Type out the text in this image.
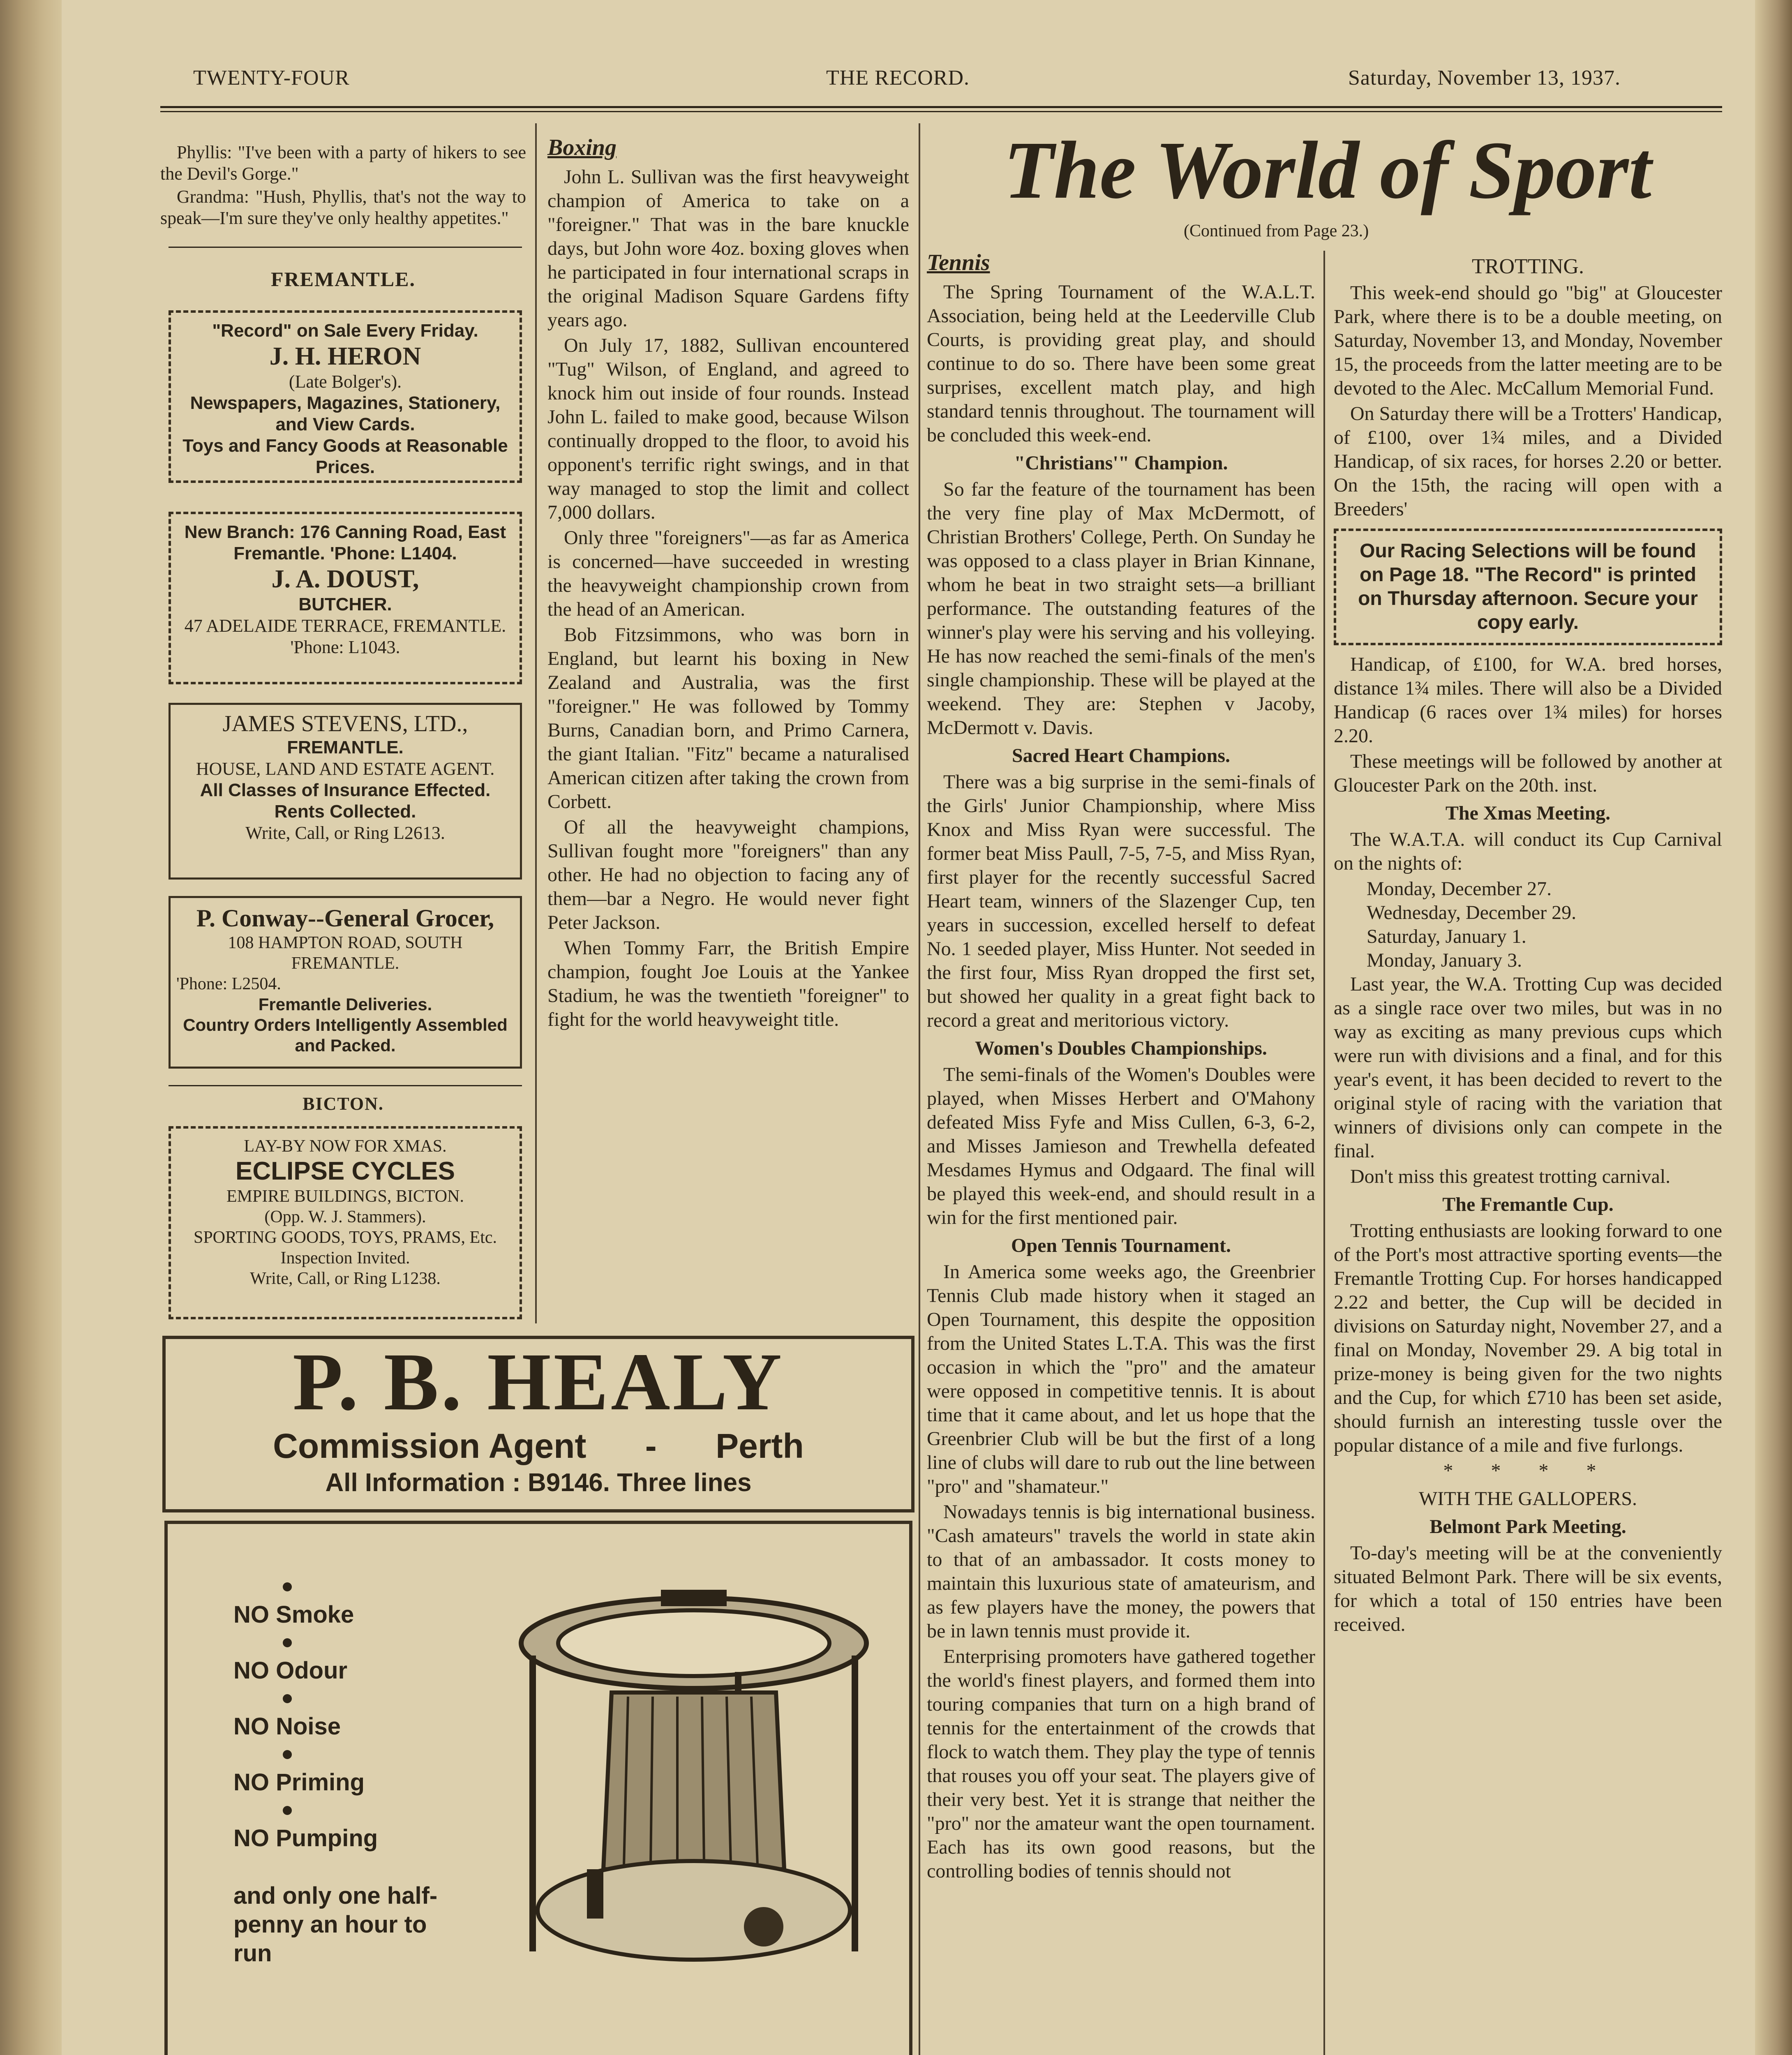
TWENTY-FOUR	THE RECORD.	Saturday, November 13, 1937.

Phyllis: "I've been with a party of hikers to see the Devil's Gorge."

Grandma: "Hush, Phyllis, that's not the way to speak—I'm sure they've only healthy appetites."

FREMANTLE.
"Record" on Sale Every Friday.
J. H. HERON
(Late Bolger's).
Newspapers, Magazines, Stationery, and View Cards.
Toys and Fancy Goods at Reasonable Prices.
New Branch: 176 Canning Road, East Fremantle. 'Phone: L1404.
J. A. DOUST,
BUTCHER.
47 ADELAIDE TERRACE, FREMANTLE. 'Phone: L1043.
JAMES STEVENS, LTD.,
FREMANTLE.
HOUSE, LAND AND ESTATE AGENT.
All Classes of Insurance Effected. Rents Collected.
Write, Call, or Ring L2613.
P. Conway--General Grocer,
108 HAMPTON ROAD, SOUTH FREMANTLE.
'Phone: L2504.
Fremantle Deliveries.
Country Orders Intelligently Assembled and Packed.
BICTON.
LAY-BY NOW FOR XMAS.
ECLIPSE CYCLES
EMPIRE BUILDINGS, BICTON.
(Opp. W. J. Stammers).
SPORTING GOODS, TOYS, PRAMS, Etc.
Inspection Invited.
Write, Call, or Ring L1238.
Boxing

John L. Sullivan was the first heavyweight champion of America to take on a "foreigner." That was in the bare knuckle days, but John wore 4oz. boxing gloves when he participated in four international scraps in the original Madison Square Gardens fifty years ago.

On July 17, 1882, Sullivan encountered "Tug" Wilson, of England, and agreed to knock him out inside of four rounds. Instead John L. failed to make good, because Wilson continually dropped to the floor, to avoid his opponent's terrific right swings, and in that way managed to stop the limit and collect 7,000 dollars.

Only three "foreigners"—as far as America is concerned—have succeeded in wresting the heavyweight championship crown from the head of an American.

Bob Fitzsimmons, who was born in England, but learnt his boxing in New Zealand and Australia, was the first "foreigner." He was followed by Tommy Burns, Canadian born, and Primo Carnera, the giant Italian. "Fitz" became a naturalised American citizen after taking the crown from Corbett.

Of all the heavyweight champions, Sullivan fought more "foreigners" than any other. He had no objection to facing any of them—bar a Negro. He would never fight Peter Jackson.

When Tommy Farr, the British Empire champion, fought Joe Louis at the Yankee Stadium, he was the twentieth "foreigner" to fight for the world heavyweight title.

P. B. HEALY
Commission Agent - Perth
All Information : B9146. Three lines
NO Smoke
NO Odour
NO Noise
NO Priming
NO Pumping
and only one half-penny an hour to run

The World of Sport
(Continued from Page 23.)
Tennis

The Spring Tournament of the W.A.L.T. Association, being held at the Leederville Club Courts, is providing great play, and should continue to do so. There have been some great surprises, excellent match play, and high standard tennis throughout. The tournament will be concluded this week-end.

"Christians'" Champion.

So far the feature of the tournament has been the very fine play of Max McDermott, of Christian Brothers' College, Perth. On Sunday he was opposed to a class player in Brian Kinnane, whom he beat in two straight sets—a brilliant performance. The outstanding features of the winner's play were his serving and his volleying. He has now reached the semi-finals of the men's single championship. These will be played at the weekend. They are: Stephen v Jacoby, McDermott v. Davis.

Sacred Heart Champions.

There was a big surprise in the semi-finals of the Girls' Junior Championship, where Miss Knox and Miss Ryan were successful. The former beat Miss Paull, 7-5, 7-5, and Miss Ryan, first player for the recently successful Sacred Heart team, winners of the Slazenger Cup, ten years in succession, excelled herself to defeat No. 1 seeded player, Miss Hunter. Not seeded in the first four, Miss Ryan dropped the first set, but showed her quality in a great fight back to record a great and meritorious victory.

Women's Doubles Championships.

The semi-finals of the Women's Doubles were played, when Misses Herbert and O'Mahony defeated Miss Fyfe and Miss Cullen, 6-3, 6-2, and Misses Jamieson and Trewhella defeated Mesdames Hymus and Odgaard. The final will be played this week-end, and should result in a win for the first mentioned pair.

Open Tennis Tournament.

In America some weeks ago, the Greenbrier Tennis Club made history when it staged an Open Tournament, this despite the opposition from the United States L.T.A. This was the first occasion in which the "pro" and the amateur were opposed in competitive tennis. It is about time that it came about, and let us hope that the Greenbrier Club will be but the first of a long line of clubs will dare to rub out the line between "pro" and "shamateur."

Nowadays tennis is big international business. "Cash amateurs" travels the world in state akin to that of an ambassador. It costs money to maintain this luxurious state of amateurism, and as few players have the money, the powers that be in lawn tennis must provide it.

Enterprising promoters have gathered together the world's finest players, and formed them into touring companies that turn on a high brand of tennis for the entertainment of the crowds that flock to watch them. They play the type of tennis that rouses you off your seat. The players give of their very best. Yet it is strange that neither the "pro" nor the amateur want the open tournament. Each has its own good reasons, but the controlling bodies of tennis should not

TROTTING.

This week-end should go "big" at Gloucester Park, where there is to be a double meeting, on Saturday, November 13, and Monday, November 15, the proceeds from the latter meeting are to be devoted to the Alec. McCallum Memorial Fund.

On Saturday there will be a Trotters' Handicap, of £100, over 1¾ miles, and a Divided Handicap, of six races, for horses 2.20 or better. On the 15th, the racing will open with a Breeders'

Our Racing Selections will be found on Page 18. "The Record" is printed on Thursday afternoon. Secure your copy early.

Handicap, of £100, for W.A. bred horses, distance 1¾ miles. There will also be a Divided Handicap (6 races over 1¾ miles) for horses 2.20.

These meetings will be followed by another at Gloucester Park on the 20th. inst.

The Xmas Meeting.

The W.A.T.A. will conduct its Cup Carnival on the nights of:

Monday, December 27.
Wednesday, December 29.
Saturday, January 1.
Monday, January 3.

Last year, the W.A. Trotting Cup was decided as a single race over two miles, but was in no way as exciting as many previous cups which were run with divisions and a final, and for this year's event, it has been decided to revert to the original style of racing with the variation that winners of divisions only can compete in the final.

Don't miss this greatest trotting carnival.

The Fremantle Cup.

Trotting enthusiasts are looking forward to one of the Port's most attractive sporting events—the Fremantle Trotting Cup. For horses handicapped 2.22 and better, the Cup will be decided in divisions on Saturday night, November 27, and a final on Monday, November 29. A big total in prize-money is being given for the two nights and the Cup, for which £710 has been set aside, should furnish an interesting tussle over the popular distance of a mile and five furlongs.

* * * *
WITH THE GALLOPERS.
Belmont Park Meeting.

To-day's meeting will be at the conveniently situated Belmont Park. There will be six events, for which a total of 150 entries have been received.
